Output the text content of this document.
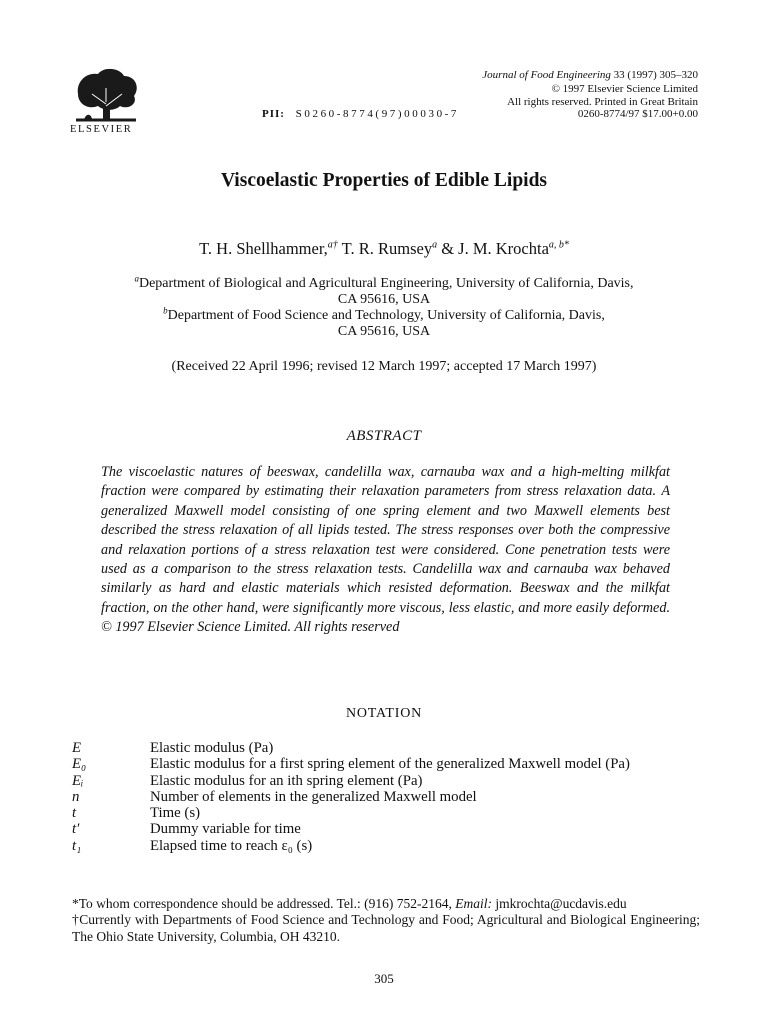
ELSEVIER
Journal of Food Engineering 33 (1997) 305–320
© 1997 Elsevier Science Limited
All rights reserved. Printed in Great Britain
PII: S0260-8774(97)00030-7	0260-8774/97 $17.00+0.00
Viscoelastic Properties of Edible Lipids
T. H. Shellhammer,$^{a\dagger}$ T. R. Rumsey$^a$ & J. M. Krochta$^{a, b*}$
$^a$Department of Biological and Agricultural Engineering, University of California, Davis,
CA 95616, USA
$^b$Department of Food Science and Technology, University of California, Davis,
CA 95616, USA
(Received 22 April 1996; revised 12 March 1997; accepted 17 March 1997)
ABSTRACT
The viscoelastic natures of beeswax, candelilla wax, carnauba wax and a high-melting milkfat fraction were compared by estimating their relaxation parameters from stress relaxation data. A generalized Maxwell model consisting of one spring element and two Maxwell elements best described the stress relaxation of all lipids tested. The stress responses over both the compressive and relaxation portions of a stress relaxation test were considered. Cone penetration tests were used as a comparison to the stress relaxation tests. Candelilla wax and carnauba wax behaved similarly as hard and elastic materials which resisted deformation. Beeswax and the milkfat fraction, on the other hand, were significantly more viscous, less elastic, and more easily deformed. © 1997 Elsevier Science Limited. All rights reserved
NOTATION
E	Elastic modulus (Pa)
E₀	Elastic modulus for a first spring element of the generalized Maxwell model (Pa)
Eᵢ	Elastic modulus for an ith spring element (Pa)
n	Number of elements in the generalized Maxwell model
t	Time (s)
t′	Dummy variable for time
t₁	Elapsed time to reach ε₀ (s)

*To whom correspondence should be addressed. Tel.: (916) 752-2164, Email: jmkrochta@ucdavis.edu

†Currently with Departments of Food Science and Technology and Food; Agricultural and Biological Engineering; The Ohio State University, Columbia, OH 43210.

305
